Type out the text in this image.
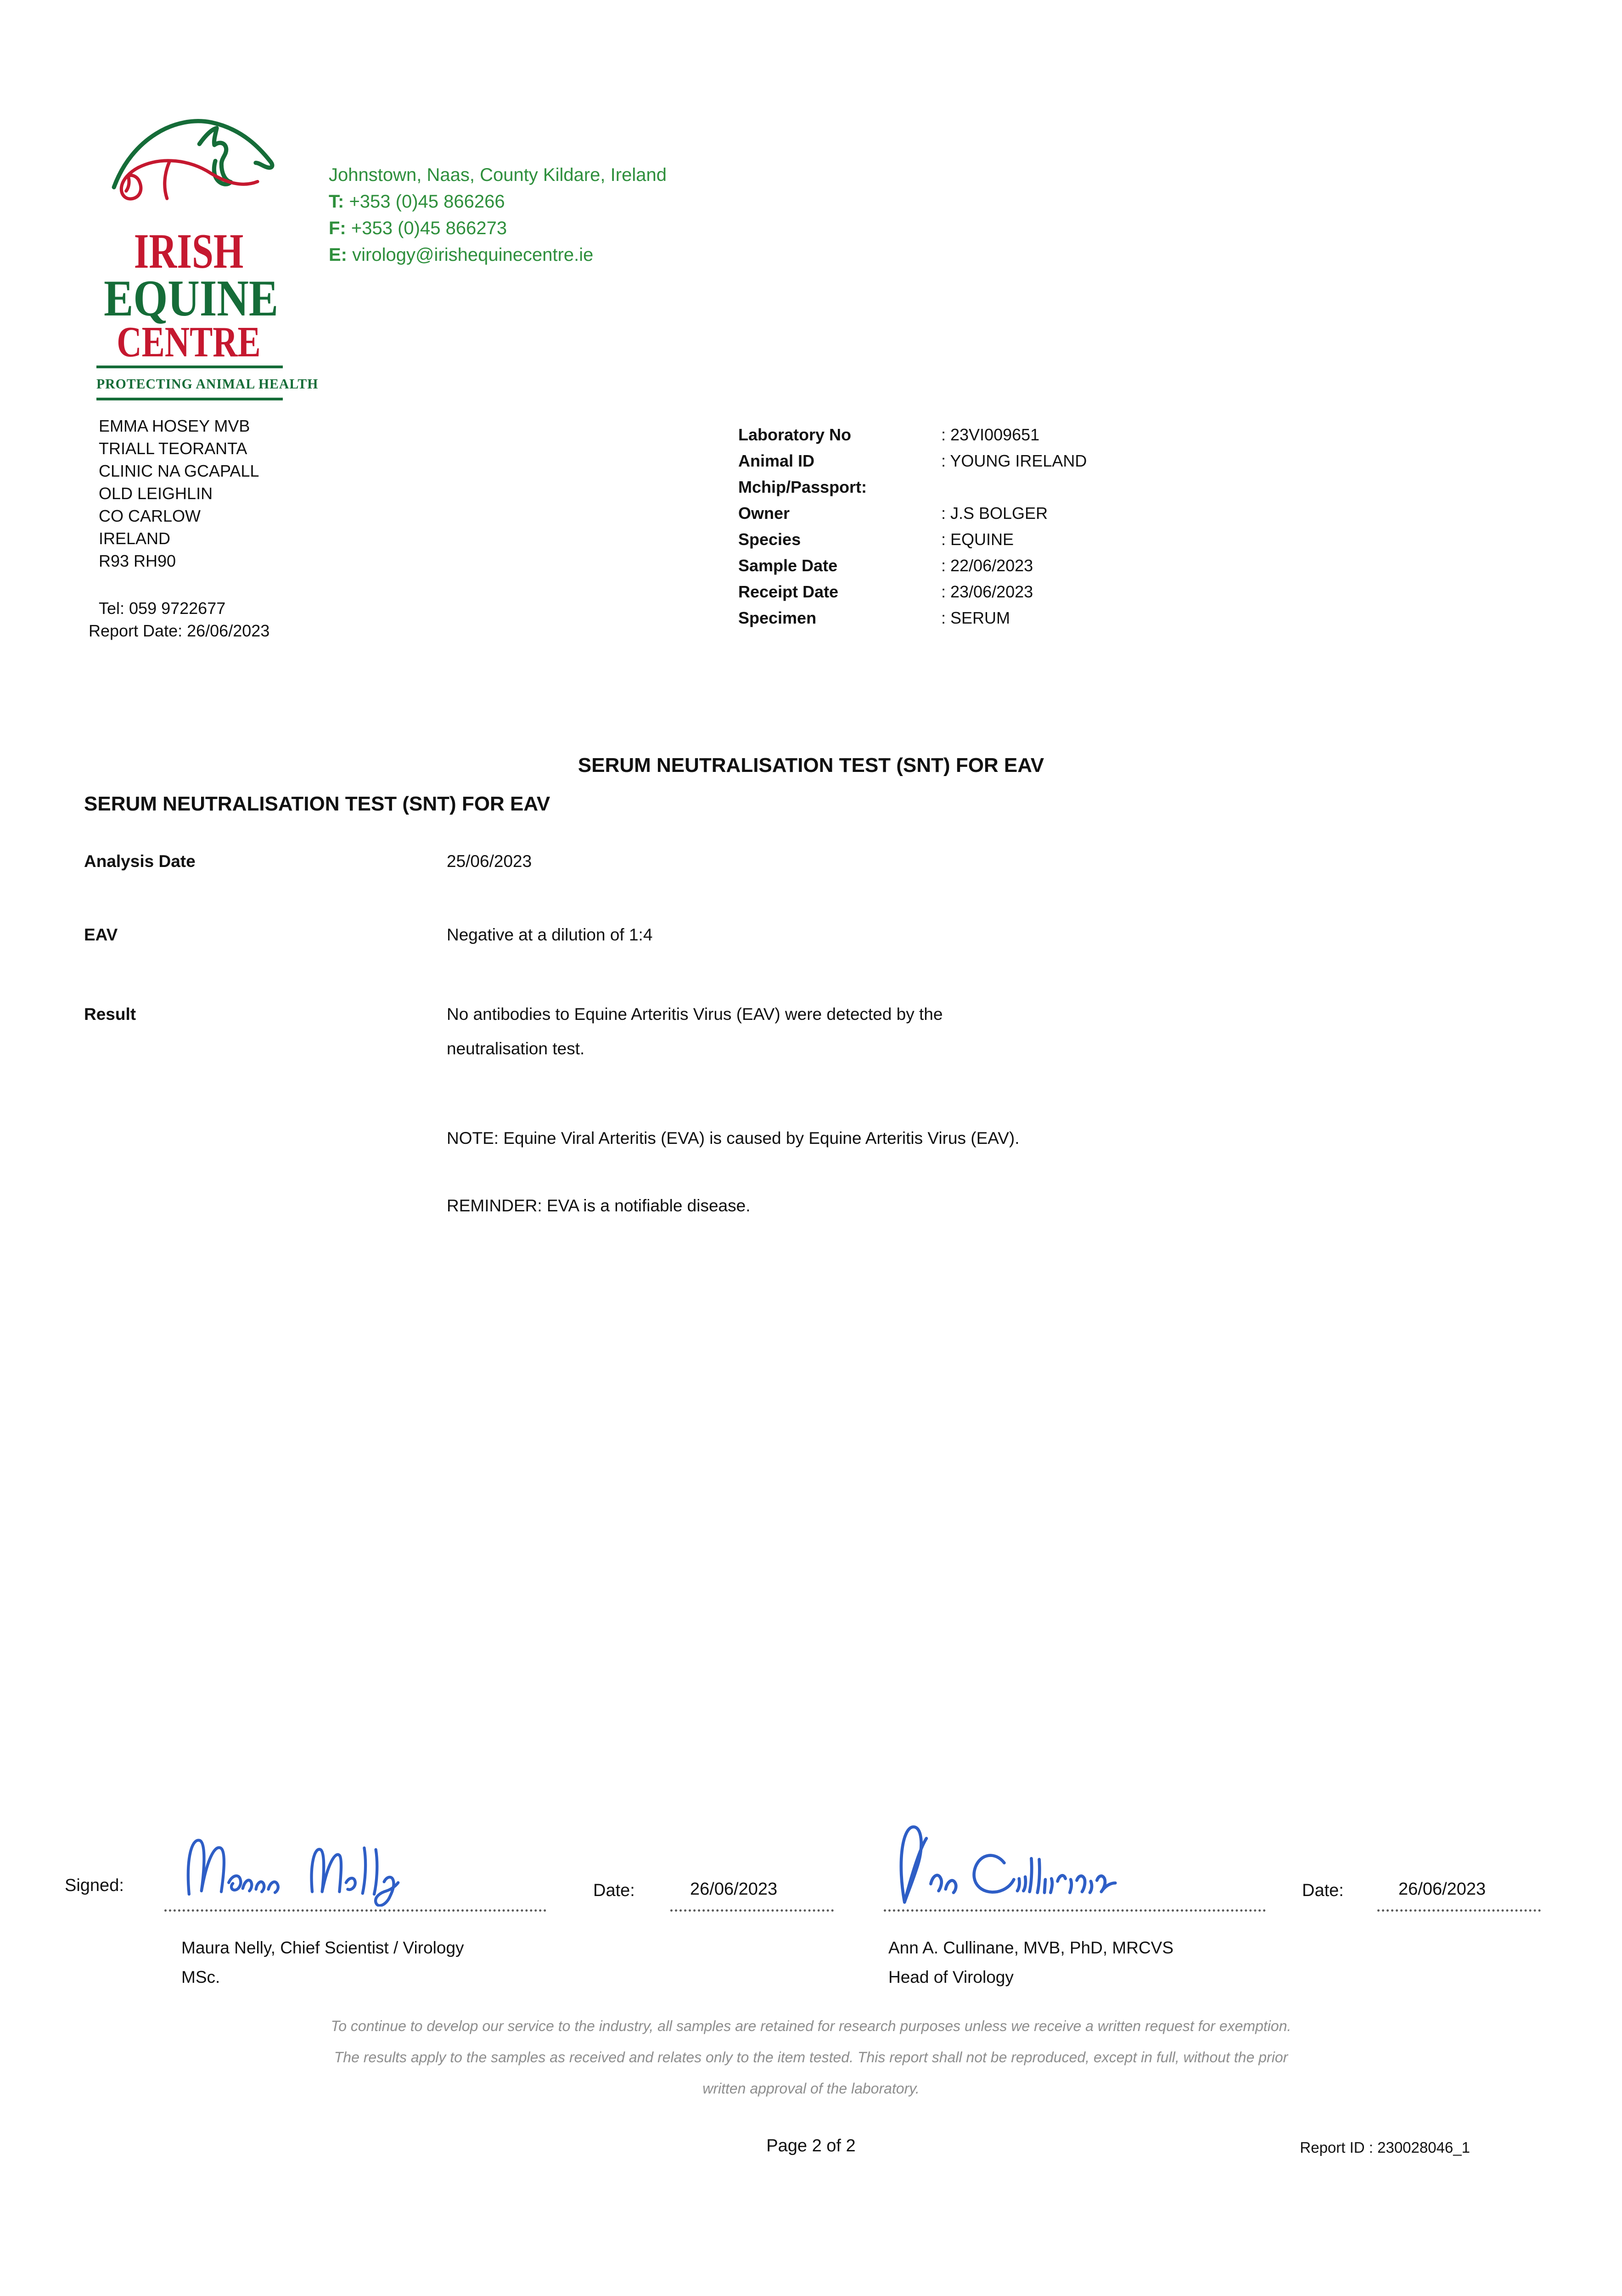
IRISH
EQUINE
CENTRE
PROTECTING ANIMAL HEALTH
Johnstown, Naas, County Kildare, Ireland
T: +353 (0)45 866266
F: +353 (0)45 866273
E: virology@irishequinecentre.ie
EMMA HOSEY MVB
TRIALL TEORANTA
CLINIC NA GCAPALL
OLD LEIGHLIN
CO CARLOW
IRELAND
R93 RH90
Tel: 059 9722677
Report Date: 26/06/2023
Laboratory No	: 23VI009651
Animal ID	: YOUNG IRELAND
Mchip/Passport:
Owner	: J.S BOLGER
Species	: EQUINE
Sample Date	: 22/06/2023
Receipt Date	: 23/06/2023
Specimen	: SERUM
SERUM NEUTRALISATION TEST (SNT) FOR EAV
SERUM NEUTRALISATION TEST (SNT) FOR EAV
Analysis Date	25/06/2023
EAV	Negative at a dilution of 1:4
Result	No antibodies to Equine Arteritis Virus (EAV) were detected by the neutralisation test.
NOTE: Equine Viral Arteritis (EVA) is caused by Equine Arteritis Virus (EAV).
REMINDER: EVA is a notifiable disease.
Signed:	Date:	26/06/2023
Maura Nelly, Chief Scientist / Virology
MSc.
Date:	26/06/2023
Ann A. Cullinane, MVB, PhD, MRCVS
Head of Virology
To continue to develop our service to the industry, all samples are retained for research purposes unless we receive a written request for exemption.
The results apply to the samples as received and relates only to the item tested. This report shall not be reproduced, except in full, without the prior
written approval of the laboratory.
Page 2 of 2	Report ID : 230028046_1
